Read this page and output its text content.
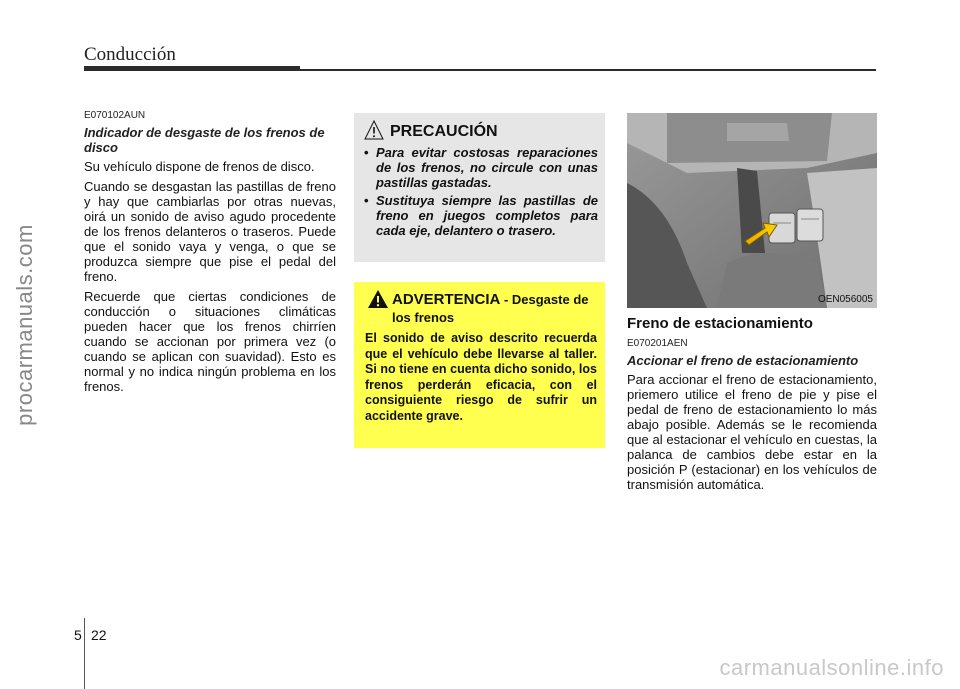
Conducción
procarmanuals.com
E070102AUN
Indicador de desgaste de los frenos de disco

Su vehículo dispone de frenos de disco.

Cuando se desgastan las pastillas de freno y hay que cambiarlas por otras nuevas, oirá un sonido de aviso agudo procedente de los frenos delanteros o traseros. Puede que el sonido vaya y venga, o que se produzca siempre que pise el pedal del freno.

Recuerde que ciertas condiciones de conducción o situaciones climáticas pueden hacer que los frenos chirríen cuando se accionan por primera vez (o cuando se aplican con suavidad). Esto es normal y no indica ningún problema en los frenos.

PRECAUCIÓN
• Para evitar costosas reparaciones de los frenos, no circule con unas pastillas gastadas.
• Sustituya siempre las pastillas de freno en juegos completos para cada eje, delantero o trasero.
ADVERTENCIA - Desgaste de los frenos
El sonido de aviso descrito recuerda que el vehículo debe llevarse al taller. Si no tiene en cuenta dicho sonido, los frenos perderán eficacia, con el consiguiente riesgo de sufrir un accidente grave.
OEN056005
Freno de estacionamiento
E070201AEN
Accionar el freno de estacionamiento

Para accionar el freno de estacionamiento, priemero utilice el freno de pie y pise el pedal de freno de estacionamiento lo más abajo posible. Además se le recomienda que al estacionar el vehículo en cuestas, la palanca de cambios debe estar en la posición P (estacionar) en los vehículos de transmisión automática.

5 22
carmanualsonline.info
